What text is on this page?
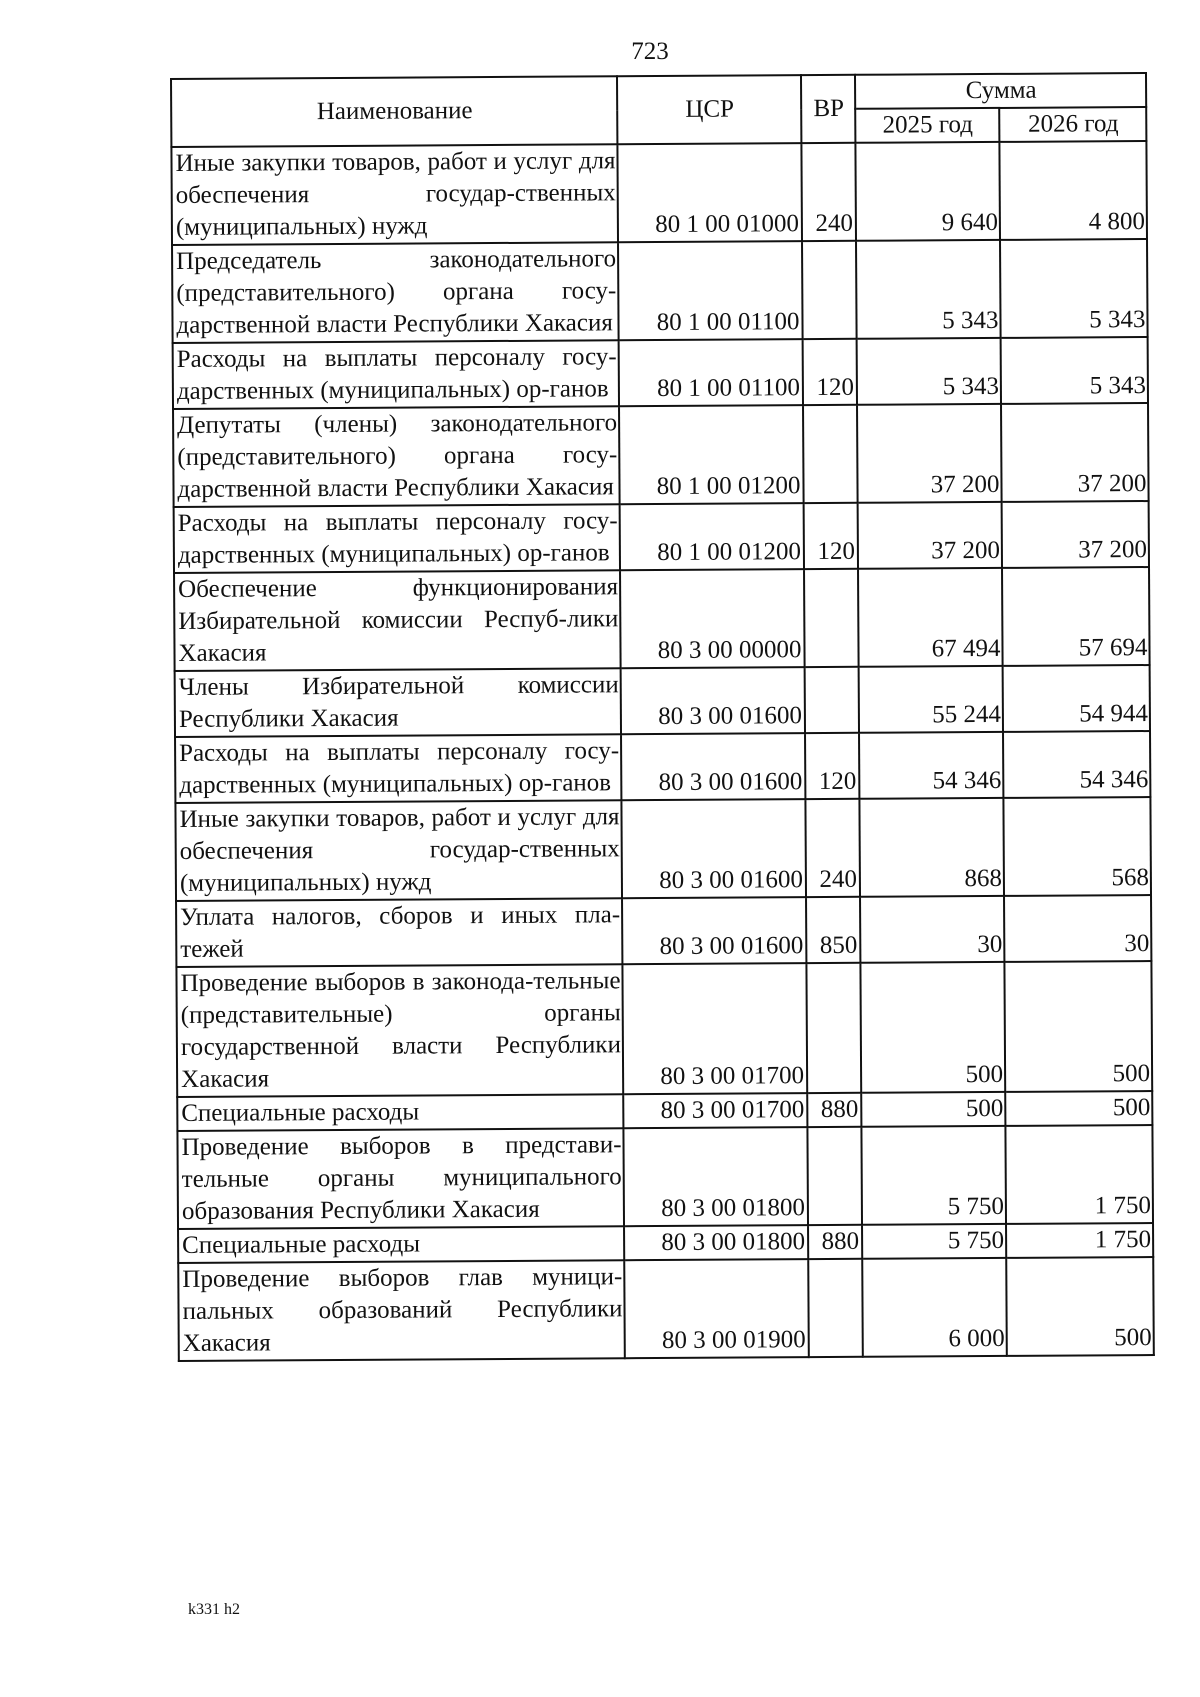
723
Наименование	ЦСР	ВР	Сумма	
			2025 год	2026 год
Иные закупки товаров, работ и услуг для обеспечения государ-ственных (муниципальных) нужд	80 1 00 01000	240	9 640	4 800
Председатель законодательного (представительного) органа госу-дарственной власти Республики Хакасия	80 1 00 01100		5 343	5 343
Расходы на выплаты персоналу госу-дарственных (муниципальных) ор-ганов	80 1 00 01100	120	5 343	5 343
Депутаты (члены) законодательного (представительного) органа госу-дарственной власти Республики Хакасия	80 1 00 01200		37 200	37 200
Расходы на выплаты персоналу госу-дарственных (муниципальных) ор-ганов	80 1 00 01200	120	37 200	37 200
Обеспечение функционирования Избирательной комиссии Респуб-лики Хакасия	80 3 00 00000		67 494	57 694
Члены Избирательной комиссии Республики Хакасия	80 3 00 01600		55 244	54 944
Расходы на выплаты персоналу госу-дарственных (муниципальных) ор-ганов	80 3 00 01600	120	54 346	54 346
Иные закупки товаров, работ и услуг для обеспечения государ-ственных (муниципальных) нужд	80 3 00 01600	240	868	568
Уплата налогов, сборов и иных пла-тежей	80 3 00 01600	850	30	30
Проведение выборов в законода-тельные (представительные) органы государственной власти Республики Хакасия	80 3 00 01700		500	500
Специальные расходы	80 3 00 01700	880	500	500
Проведение выборов в представи-тельные органы муниципального образования Республики Хакасия	80 3 00 01800		5 750	1 750
Специальные расходы	80 3 00 01800	880	5 750	1 750
Проведение выборов глав муници-пальных образований Республики Хакасия	80 3 00 01900		6 000	500
k331 h2
